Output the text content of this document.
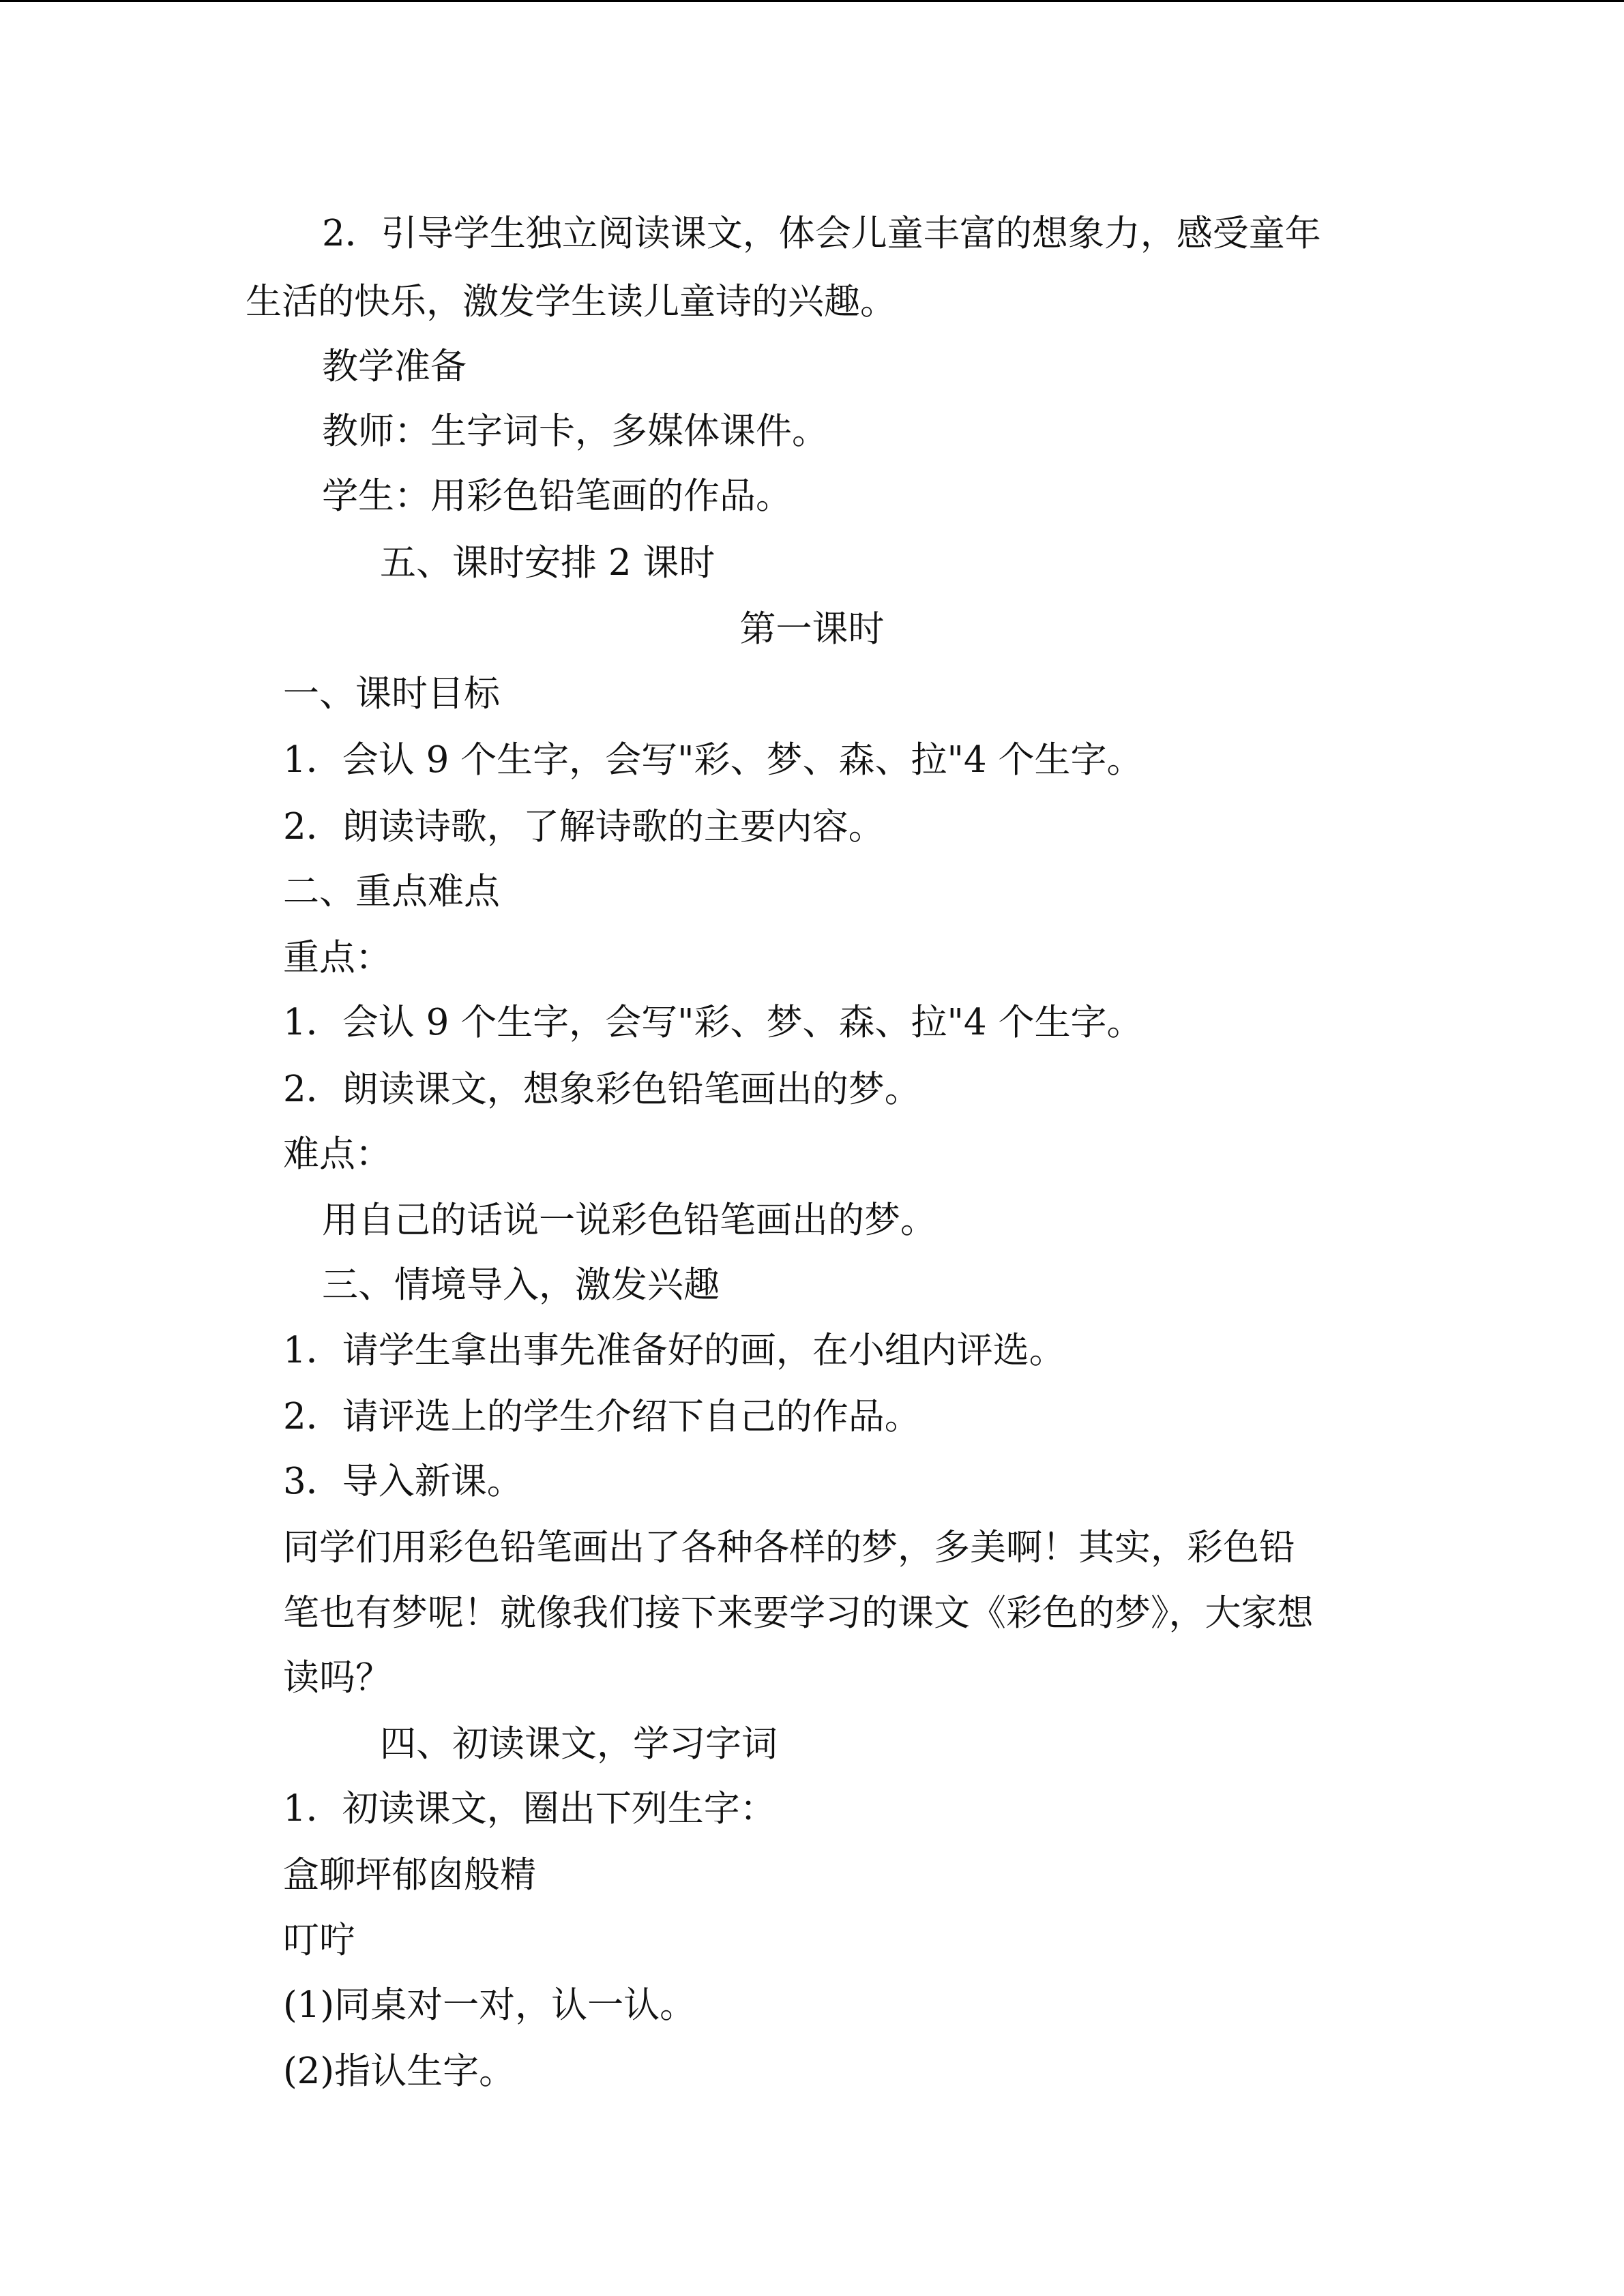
2．引导学生独立阅读课文，体会儿童丰富的想象力，感受童年

生活的快乐，激发学生读儿童诗的兴趣。

教学准备

教师：生字词卡，多媒体课件。

学生：用彩色铅笔画的作品。

五、课时安排 2 课时

第一课时

一、课时目标

1．会认 9 个生字，会写"彩、梦、森、拉"4 个生字。

2．朗读诗歌，了解诗歌的主要内容。

二、重点难点

重点：

1．会认 9 个生字，会写"彩、梦、森、拉"4 个生字。

2．朗读课文，想象彩色铅笔画出的梦。

难点：

用自己的话说一说彩色铅笔画出的梦。

三、情境导入，激发兴趣

1．请学生拿出事先准备好的画，在小组内评选。

2．请评选上的学生介绍下自己的作品。

3．导入新课。

同学们用彩色铅笔画出了各种各样的梦，多美啊！其实，彩色铅

笔也有梦呢！就像我们接下来要学习的课文《彩色的梦》，大家想

读吗？

四、初读课文，学习字词

1．初读课文，圈出下列生字：

盒聊坪郁囱般精

叮咛

(1)同桌对一对，认一认。

(2)指认生字。
